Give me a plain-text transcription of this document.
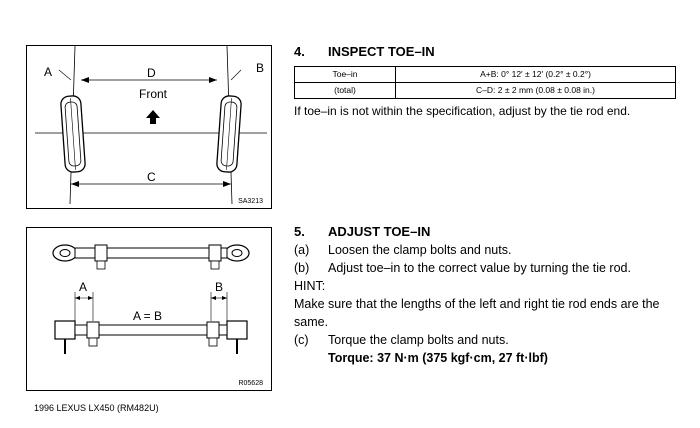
A	B
D
C
Front
SA3213
A	B
A = B
R05628
4.	INSPECT TOE–IN
Toe–in	A+B: 0° 12′ ± 12′ (0.2° ± 0.2°)
(total)	C–D: 2 ± 2 mm (0.08 ± 0.08 in.)
If toe–in is not within the specification, adjust by the tie rod end.
5.	ADJUST TOE–IN
(a)	Loosen the clamp bolts and nuts.
(b)	Adjust toe–in to the correct value by turning the tie rod.
HINT:
Make sure that the lengths of the left and right tie rod ends are the same.
(c)	Torque the clamp bolts and nuts.
Torque: 37 N·m (375 kgf·cm, 27 ft·lbf)
1996 LEXUS LX450 (RM482U)
